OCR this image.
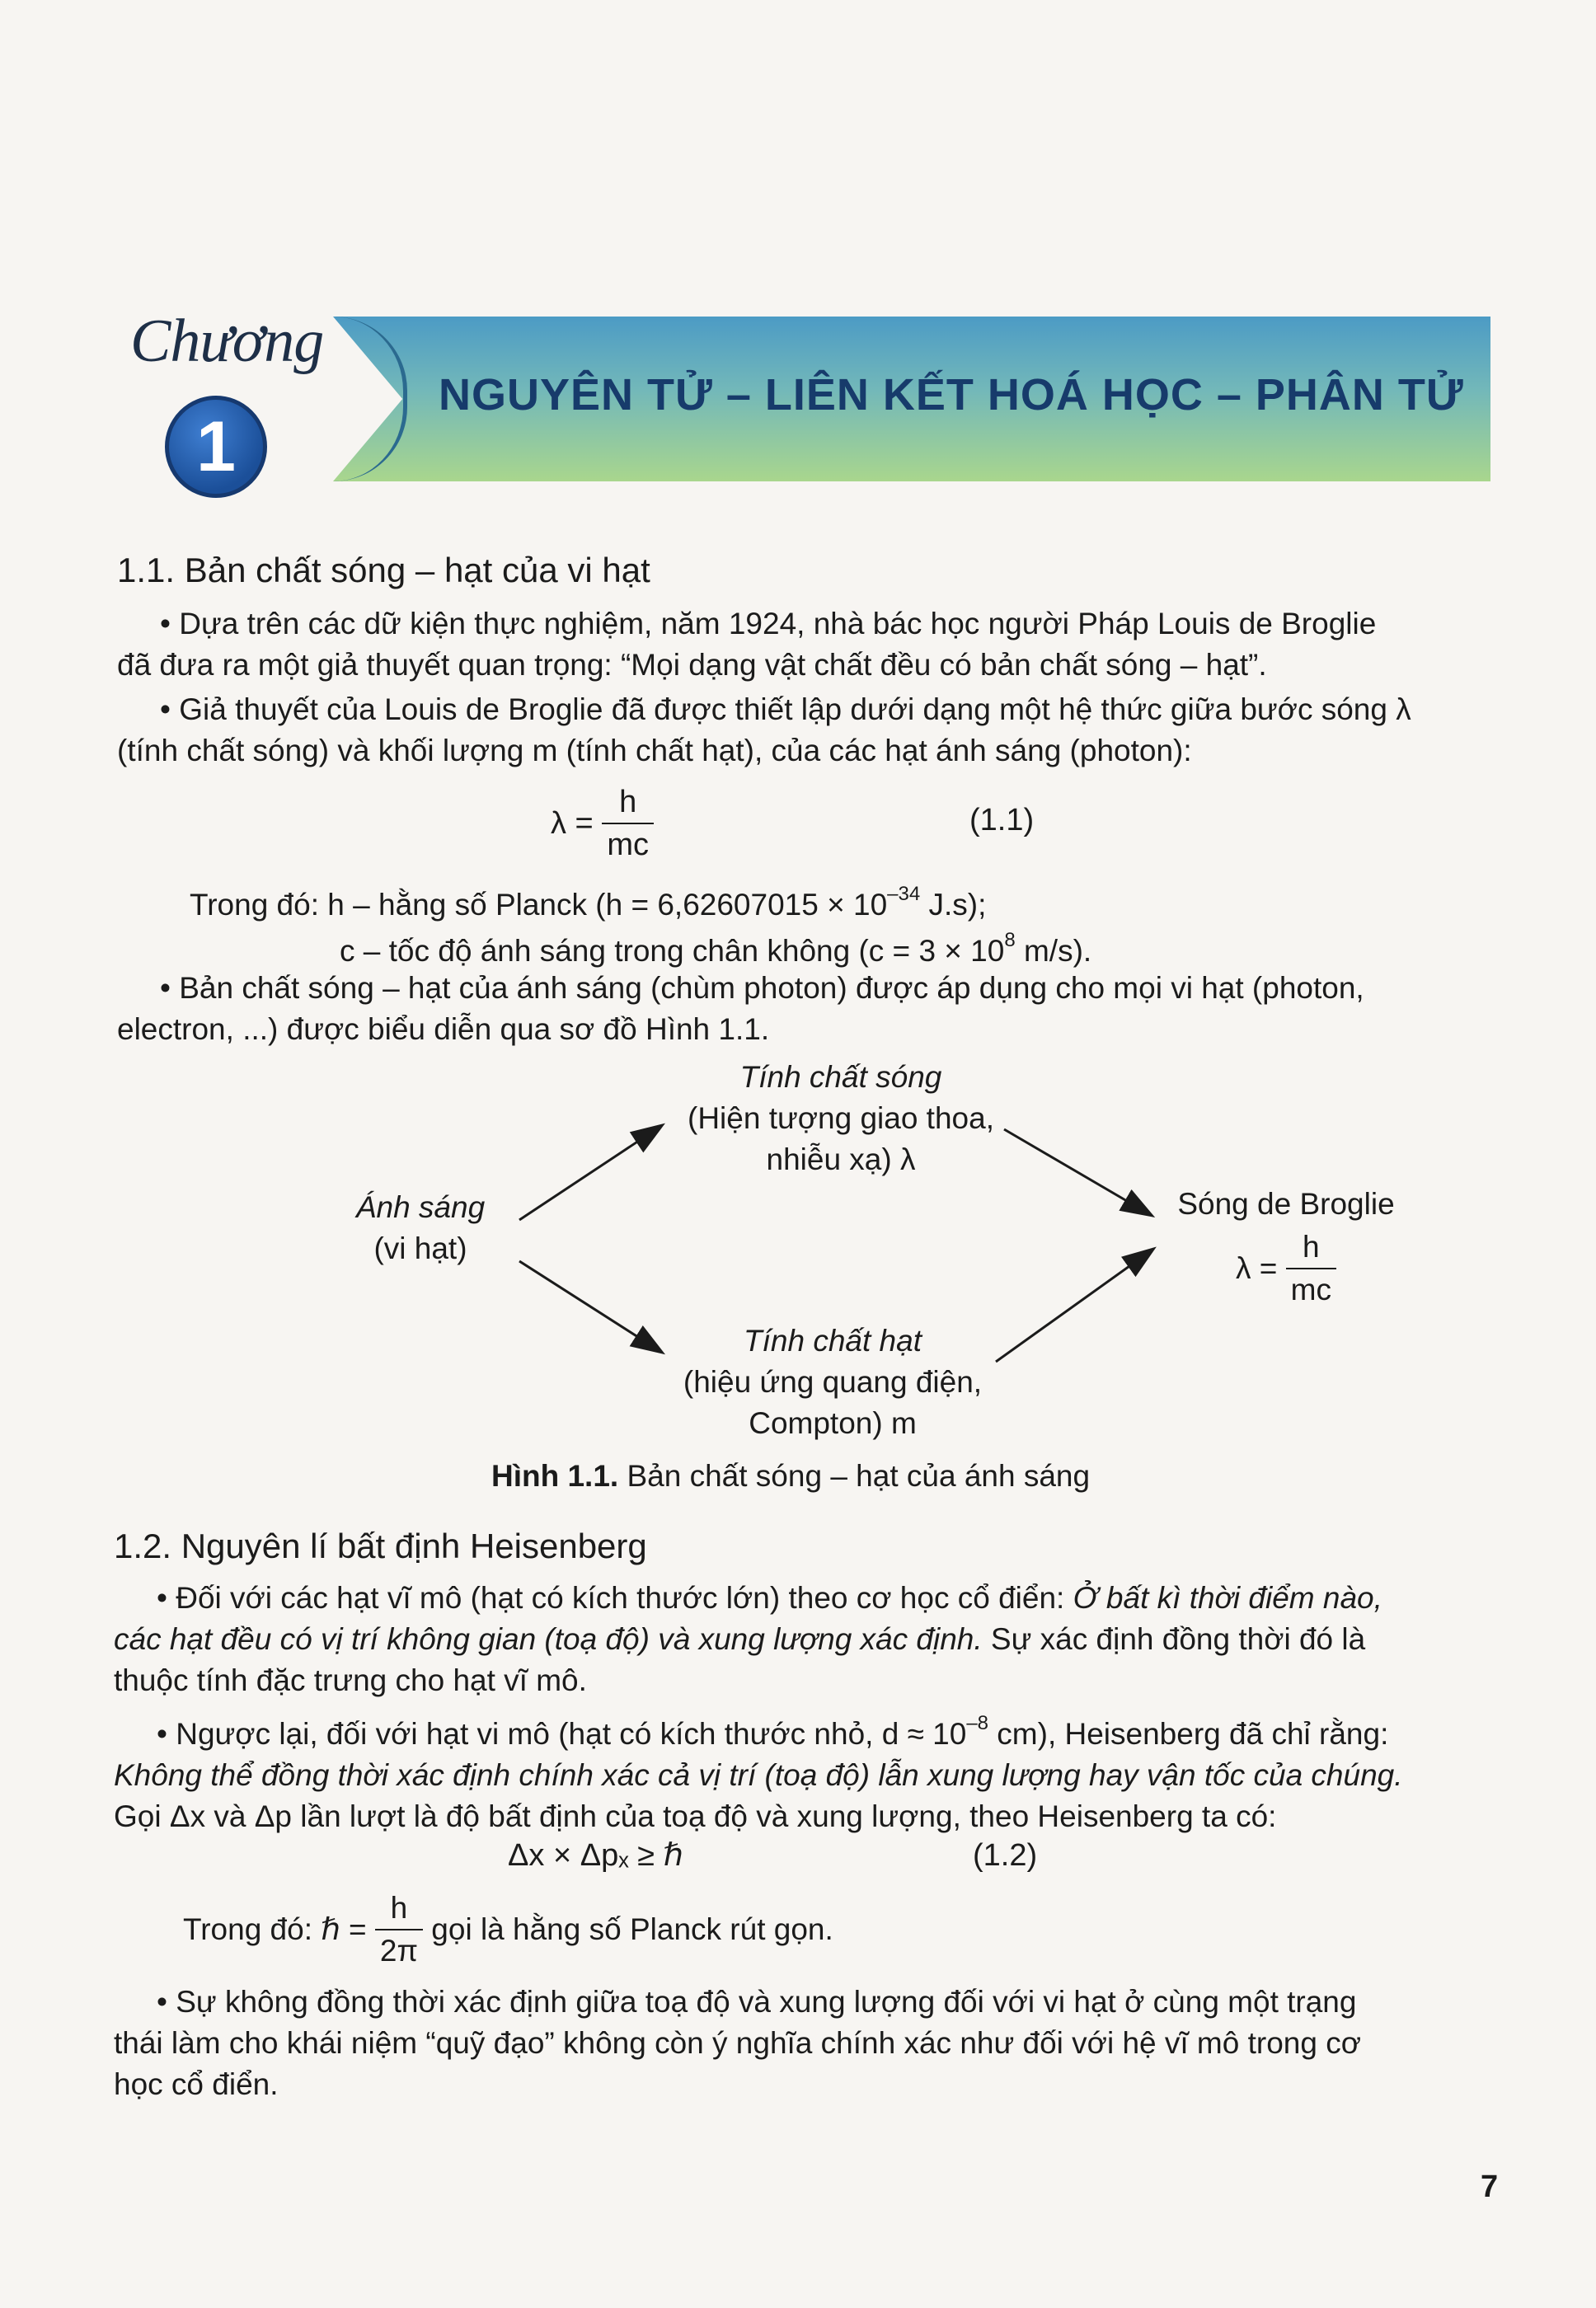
Chương
1
NGUYÊN TỬ – LIÊN KẾT HOÁ HỌC – PHÂN TỬ
1.1. Bản chất sóng – hạt của vi hạt
• Dựa trên các dữ kiện thực nghiệm, năm 1924, nhà bác học người Pháp Louis de Broglie
đã đưa ra một giả thuyết quan trọng: “Mọi dạng vật chất đều có bản chất sóng – hạt”.
• Giả thuyết của Louis de Broglie đã được thiết lập dưới dạng một hệ thức giữa bước sóng λ
(tính chất sóng) và khối lượng m (tính chất hạt), của các hạt ánh sáng (photon):
$\lambda = \frac{h}{mc}$	(1.1)
Trong đó: h – hằng số Planck ($h = 6,62607015 \times 10^{-34}$ J.s);
c – tốc độ ánh sáng trong chân không ($c = 3 \times 10^8$ m/s).
• Bản chất sóng – hạt của ánh sáng (chùm photon) được áp dụng cho mọi vi hạt (photon,
electron, ...) được biểu diễn qua sơ đồ Hình 1.1.
Tính chất sóng
(Hiện tượng giao thoa,
nhiễu xạ) λ
Ánh sáng
(vi hạt)
Sóng de Broglie
$\lambda = \frac{h}{mc}$
Tính chất hạt
(hiệu ứng quang điện,
Compton) m
Hình 1.1. Bản chất sóng – hạt của ánh sáng
1.2. Nguyên lí bất định Heisenberg
• Đối với các hạt vĩ mô (hạt có kích thước lớn) theo cơ học cổ điển: Ở bất kì thời điểm nào,
các hạt đều có vị trí không gian (toạ độ) và xung lượng xác định. Sự xác định đồng thời đó là
thuộc tính đặc trưng cho hạt vĩ mô.
• Ngược lại, đối với hạt vi mô (hạt có kích thước nhỏ, $d \approx 10^{-8}$ cm), Heisenberg đã chỉ rằng:
Không thể đồng thời xác định chính xác cả vị trí (toạ độ) lẫn xung lượng hay vận tốc của chúng.
Gọi Δx và Δp lần lượt là độ bất định của toạ độ và xung lượng, theo Heisenberg ta có:
Δx × Δpₓ ≥ ℏ	(1.2)
Trong đó: ℏ = $\frac{h}{2\pi}$ gọi là hằng số Planck rút gọn.
• Sự không đồng thời xác định giữa toạ độ và xung lượng đối với vi hạt ở cùng một trạng
thái làm cho khái niệm “quỹ đạo” không còn ý nghĩa chính xác như đối với hệ vĩ mô trong cơ
học cổ điển.
7
